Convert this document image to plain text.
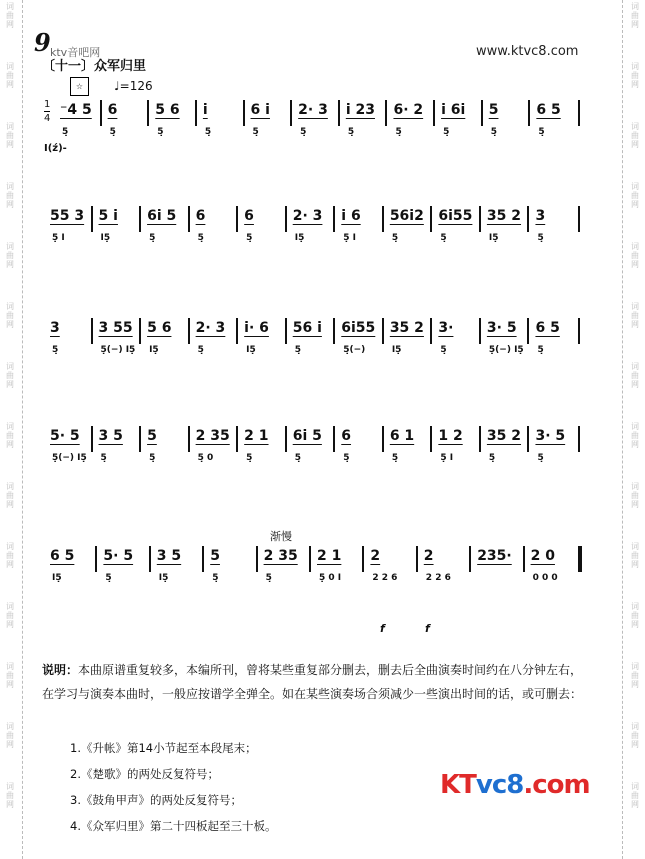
词曲网
词曲网
词曲网
词曲网
词曲网
词曲网
词曲网
词曲网
词曲网
词曲网
词曲网
词曲网
词曲网
词曲网
词曲网
词曲网
词曲网
词曲网
词曲网
词曲网
词曲网
词曲网
词曲网
词曲网
词曲网
词曲网
词曲网
词曲网
9 ktv音吧网	www.ktvc8.com
〔十一〕众军归里
☆	♩=126
1
4
⁻4 5 6	5 6 i	6 i 2· 3 i 23 6· 2 i 6i 5	6 5
5̣	5̣	5̣	5̣	5̣	5̣	5̣	5̣	5̣	5̣	5̣
I(ź)-
55 3 5 i 6i 5 6	6	2· 3 i 6 56i2 6i55 35 2 3
5̣ I	I5̣	5̣	5̣	5̣	I5̣	5̣ I	5̣	5̣	I5̣	5̣
3	3 55 5 6 2· 3 i· 6 56 i 6i55 35 2 3· 3· 5 6 5
5̣	5̣(−) I5̣ I5̣	5̣	I5̣	5̣	5̣(−)	I5̣	5̣	5̣(−) I5̣ 5̣
5· 5 3 5 5	2 35 2 1 6i 5 6	6 1 1 2 35 2 3· 5
5̣(−) I5̣ 5̣	5̣	5̣ 0	5̣	5̣	5̣	5̣	5̣ I	5̣	5̣
6 5 5· 5 3 5 5	2 35 2 1 2	2	235· 2 0
I5̣	5̣	I5̣	5̣	5̣	5̣ 0 I	2 2 6	2 2 6	0 0 0
渐慢
f	f
说明：本曲原谱重复较多，本编所刊，曾将某些重复部分删去，删去后全曲演奏时间约在八分钟左右，在学习与演奏本曲时，一般应按谱学全弹全。如在某些演奏场合须减少一些演出时间的话，或可删去：
1.《升帐》第14小节起至本段尾末；
2.《楚歌》的两处反复符号；
3.《鼓角甲声》的两处反复符号；
4.《众军归里》第二十四板起至三十板。
KTvc8.com
